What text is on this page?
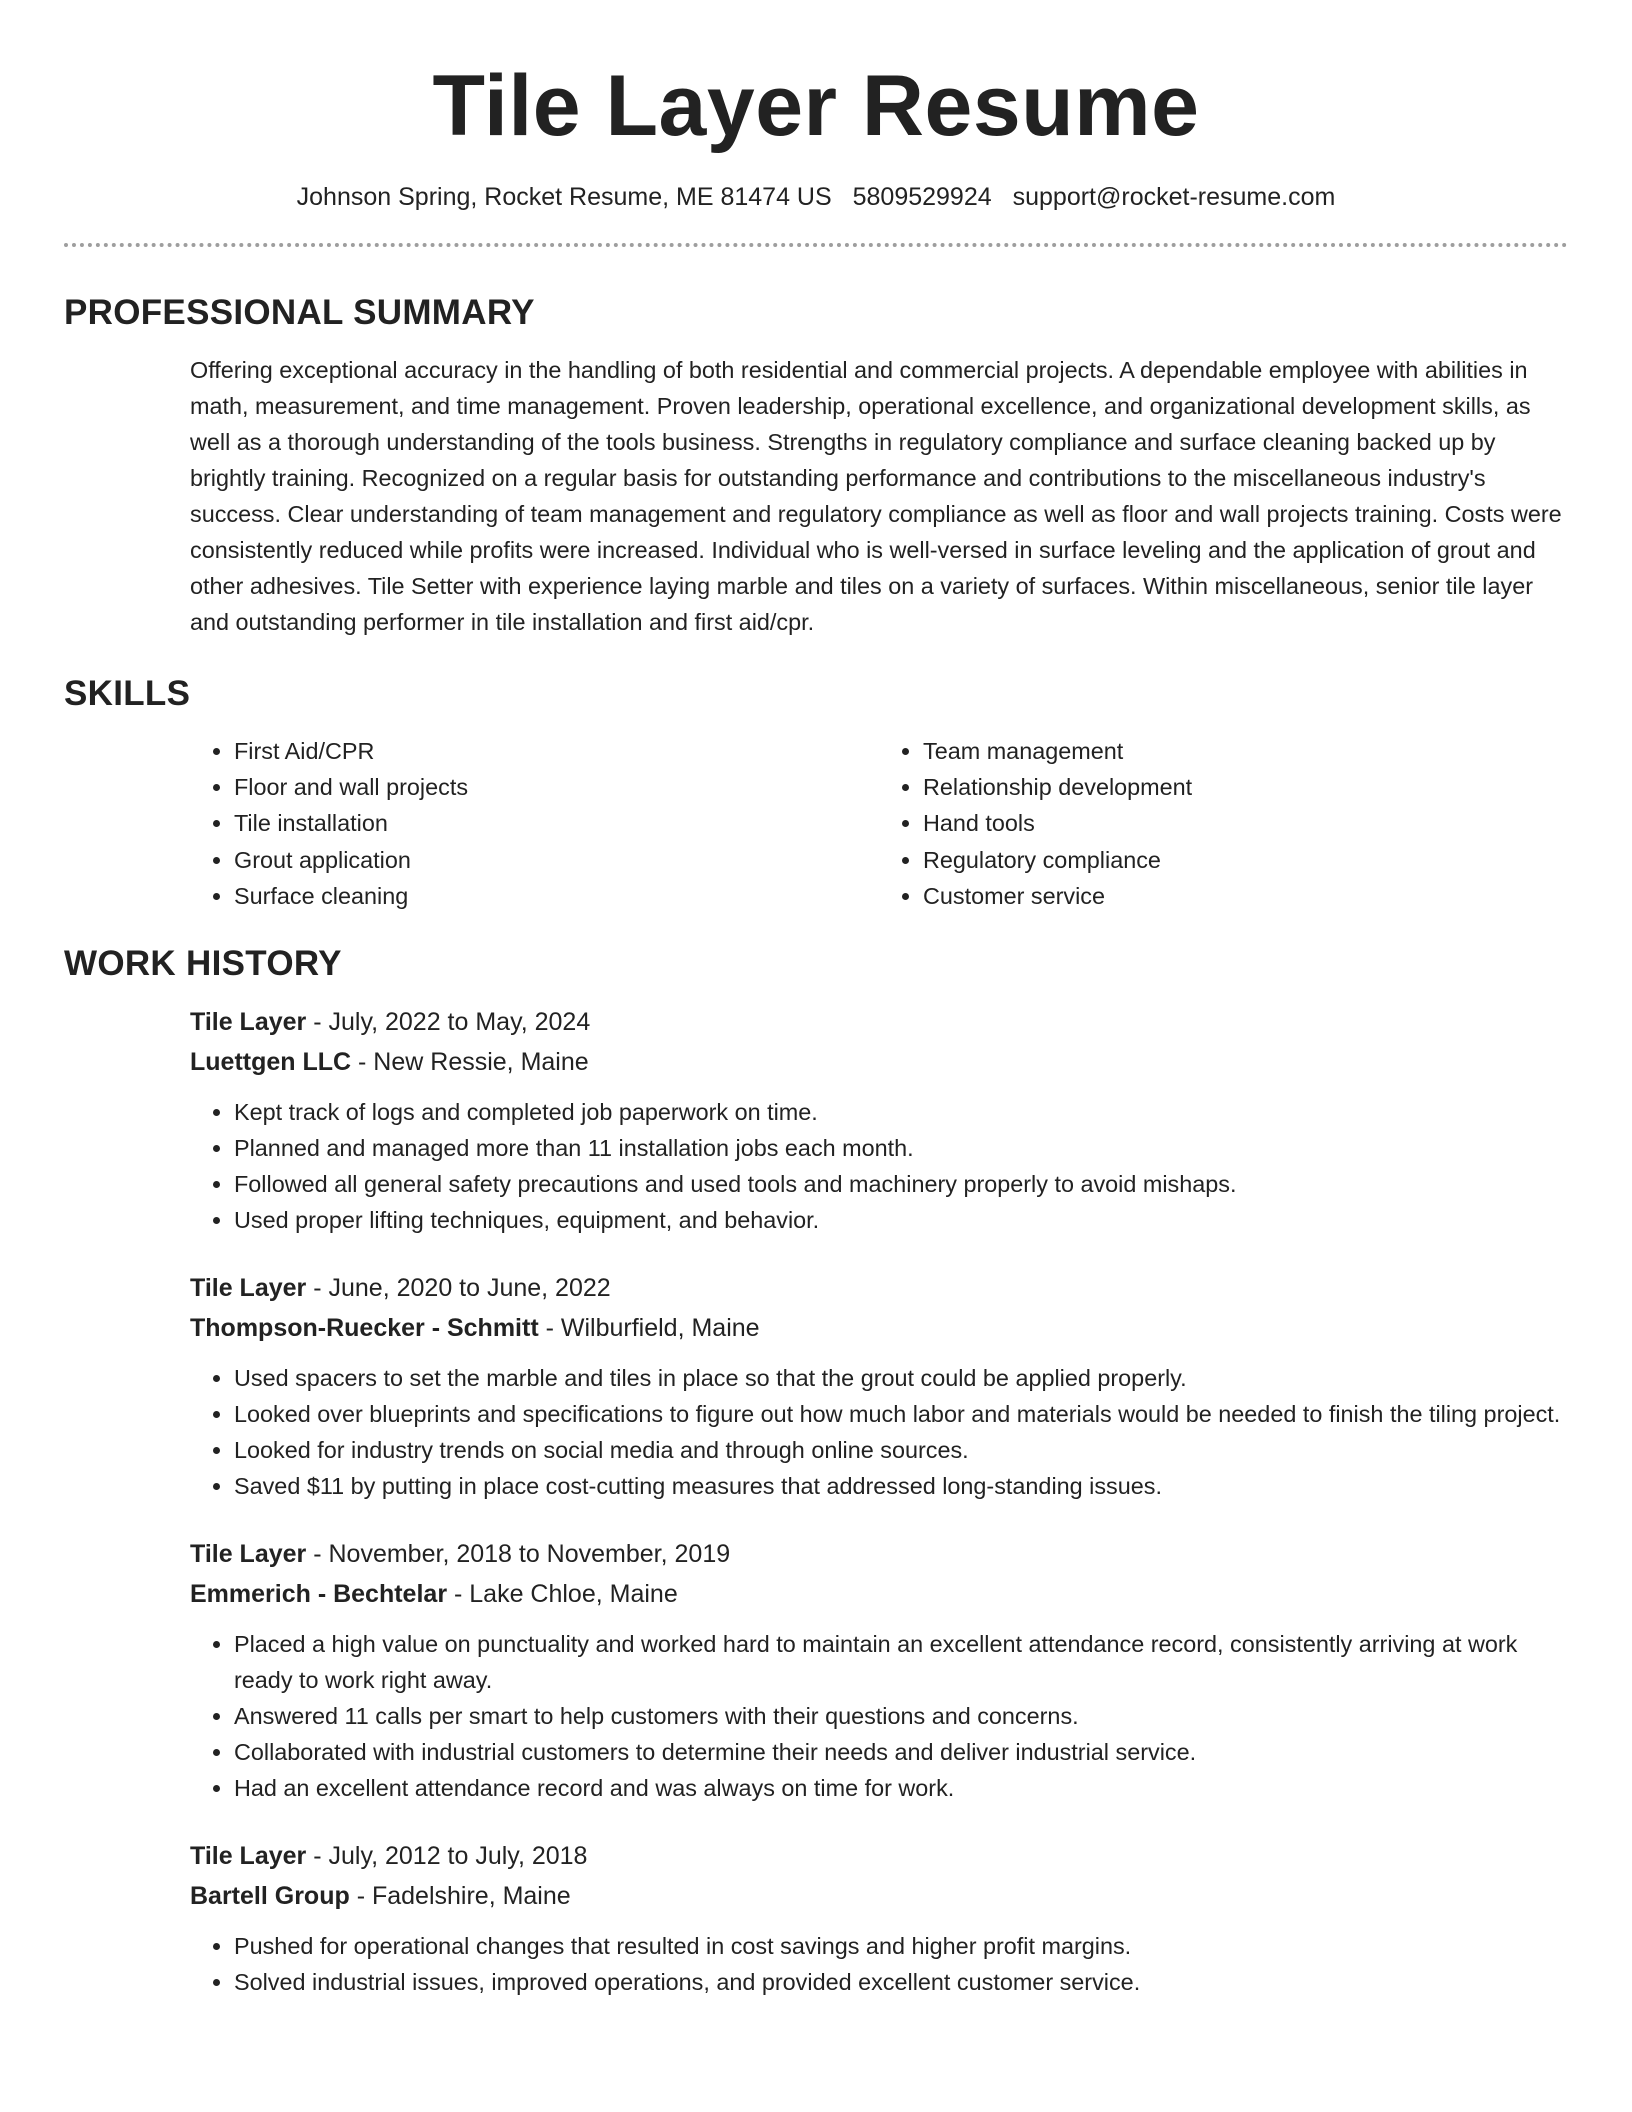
Tile Layer Resume
Johnson Spring, Rocket Resume, ME 81474 US 5809529924 support@rocket-resume.com
PROFESSIONAL SUMMARY

Offering exceptional accuracy in the handling of both residential and commercial projects. A dependable employee with abilities in math, measurement, and time management. Proven leadership, operational excellence, and organizational development skills, as well as a thorough understanding of the tools business. Strengths in regulatory compliance and surface cleaning backed up by brightly training. Recognized on a regular basis for outstanding performance and contributions to the miscellaneous industry's success. Clear understanding of team management and regulatory compliance as well as floor and wall projects training. Costs were consistently reduced while profits were increased. Individual who is well-versed in surface leveling and the application of grout and other adhesives. Tile Setter with experience laying marble and tiles on a variety of surfaces. Within miscellaneous, senior tile layer and outstanding performer in tile installation and first aid/cpr.

SKILLS
• First Aid/CPR
• Floor and wall projects
• Tile installation
• Grout application
• Surface cleaning
• Team management
• Relationship development
• Hand tools
• Regulatory compliance
• Customer service
WORK HISTORY

Tile Layer - July, 2022 to May, 2024

Luettgen LLC - New Ressie, Maine

• Kept track of logs and completed job paperwork on time.
• Planned and managed more than 11 installation jobs each month.
• Followed all general safety precautions and used tools and machinery properly to avoid mishaps.
• Used proper lifting techniques, equipment, and behavior.

Tile Layer - June, 2020 to June, 2022

Thompson-Ruecker - Schmitt - Wilburfield, Maine

• Used spacers to set the marble and tiles in place so that the grout could be applied properly.
• Looked over blueprints and specifications to figure out how much labor and materials would be needed to finish the tiling project.
• Looked for industry trends on social media and through online sources.
• Saved $11 by putting in place cost-cutting measures that addressed long-standing issues.

Tile Layer - November, 2018 to November, 2019

Emmerich - Bechtelar - Lake Chloe, Maine

• Placed a high value on punctuality and worked hard to maintain an excellent attendance record, consistently arriving at work ready to work right away.
• Answered 11 calls per smart to help customers with their questions and concerns.
• Collaborated with industrial customers to determine their needs and deliver industrial service.
• Had an excellent attendance record and was always on time for work.

Tile Layer - July, 2012 to July, 2018

Bartell Group - Fadelshire, Maine

• Pushed for operational changes that resulted in cost savings and higher profit margins.
• Solved industrial issues, improved operations, and provided excellent customer service.
